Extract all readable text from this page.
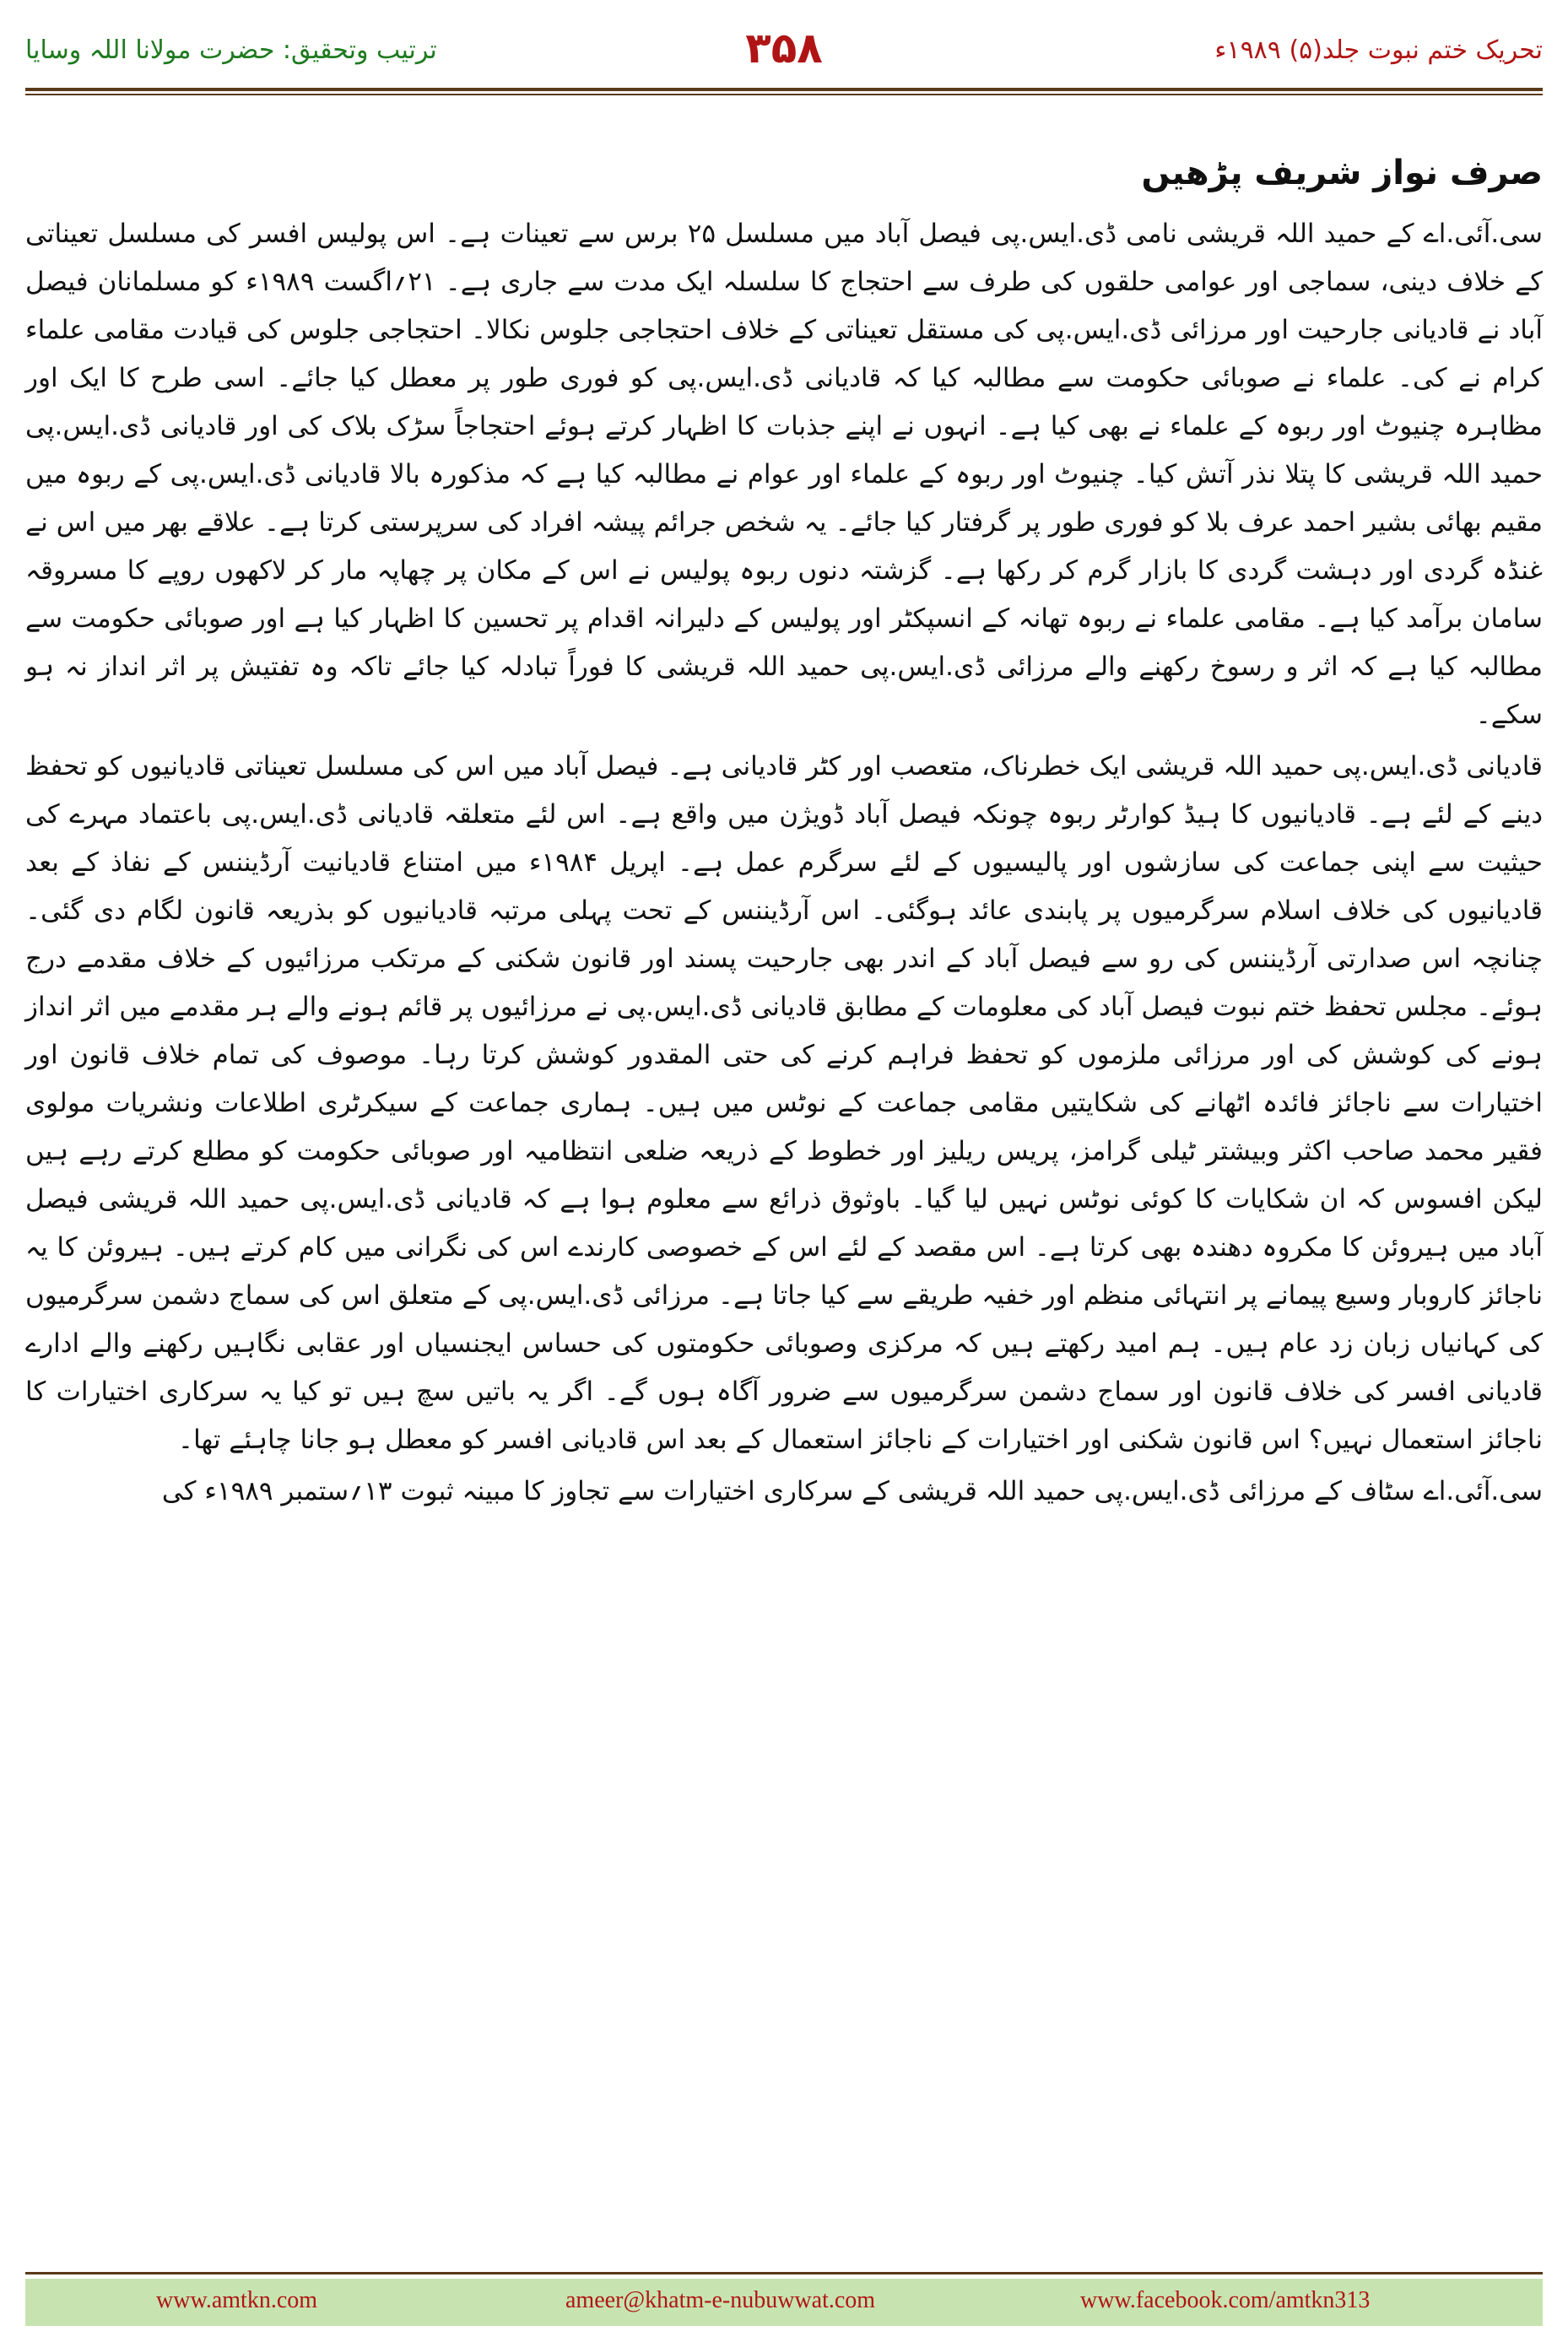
ترتیب وتحقیق: حضرت مولانا اللہ وسایا	۳۵۸	تحریک ختم نبوت جلد(۵) ۱۹۸۹ء
صرف نواز شریف پڑھیں

سی.آئی.اے کے حمید اللہ قریشی نامی ڈی.ایس.پی فیصل آباد میں مسلسل ۲۵ برس سے تعینات ہے۔ اس پولیس افسر کی مسلسل تعیناتی کے خلاف دینی، سماجی اور عوامی حلقوں کی طرف سے احتجاج کا سلسلہ ایک مدت سے جاری ہے۔ ۲۱؍اگست ۱۹۸۹ء کو مسلمانان فیصل آباد نے قادیانی جارحیت اور مرزائی ڈی.ایس.پی کی مستقل تعیناتی کے خلاف احتجاجی جلوس نکالا۔ احتجاجی جلوس کی قیادت مقامی علماء کرام نے کی۔ علماء نے صوبائی حکومت سے مطالبہ کیا کہ قادیانی ڈی.ایس.پی کو فوری طور پر معطل کیا جائے۔ اسی طرح کا ایک اور مظاہرہ چنیوٹ اور ربوہ کے علماء نے بھی کیا ہے۔ انہوں نے اپنے جذبات کا اظہار کرتے ہوئے احتجاجاً سڑک بلاک کی اور قادیانی ڈی.ایس.پی حمید اللہ قریشی کا پتلا نذر آتش کیا۔ چنیوٹ اور ربوہ کے علماء اور عوام نے مطالبہ کیا ہے کہ مذکورہ بالا قادیانی ڈی.ایس.پی کے ربوہ میں مقیم بھائی بشیر احمد عرف بلا کو فوری طور پر گرفتار کیا جائے۔ یہ شخص جرائم پیشہ افراد کی سرپرستی کرتا ہے۔ علاقے بھر میں اس نے غنڈہ گردی اور دہشت گردی کا بازار گرم کر رکھا ہے۔ گزشتہ دنوں ربوہ پولیس نے اس کے مکان پر چھاپہ مار کر لاکھوں روپے کا مسروقہ سامان برآمد کیا ہے۔ مقامی علماء نے ربوہ تھانہ کے انسپکٹر اور پولیس کے دلیرانہ اقدام پر تحسین کا اظہار کیا ہے اور صوبائی حکومت سے مطالبہ کیا ہے کہ اثر و رسوخ رکھنے والے مرزائی ڈی.ایس.پی حمید اللہ قریشی کا فوراً تبادلہ کیا جائے تاکہ وہ تفتیش پر اثر انداز نہ ہو سکے۔

قادیانی ڈی.ایس.پی حمید اللہ قریشی ایک خطرناک، متعصب اور کٹر قادیانی ہے۔ فیصل آباد میں اس کی مسلسل تعیناتی قادیانیوں کو تحفظ دینے کے لئے ہے۔ قادیانیوں کا ہیڈ کوارٹر ربوہ چونکہ فیصل آباد ڈویژن میں واقع ہے۔ اس لئے متعلقہ قادیانی ڈی.ایس.پی باعتماد مہرے کی حیثیت سے اپنی جماعت کی سازشوں اور پالیسیوں کے لئے سرگرم عمل ہے۔ اپریل ۱۹۸۴ء میں امتناع قادیانیت آرڈیننس کے نفاذ کے بعد قادیانیوں کی خلاف اسلام سرگرمیوں پر پابندی عائد ہوگئی۔ اس آرڈیننس کے تحت پہلی مرتبہ قادیانیوں کو بذریعہ قانون لگام دی گئی۔ چنانچہ اس صدارتی آرڈیننس کی رو سے فیصل آباد کے اندر بھی جارحیت پسند اور قانون شکنی کے مرتکب مرزائیوں کے خلاف مقدمے درج ہوئے۔ مجلس تحفظ ختم نبوت فیصل آباد کی معلومات کے مطابق قادیانی ڈی.ایس.پی نے مرزائیوں پر قائم ہونے والے ہر مقدمے میں اثر انداز ہونے کی کوشش کی اور مرزائی ملزموں کو تحفظ فراہم کرنے کی حتی المقدور کوشش کرتا رہا۔ موصوف کی تمام خلاف قانون اور اختیارات سے ناجائز فائدہ اٹھانے کی شکایتیں مقامی جماعت کے نوٹس میں ہیں۔ ہماری جماعت کے سیکرٹری اطلاعات ونشریات مولوی فقیر محمد صاحب اکثر وبیشتر ٹیلی گرامز، پریس ریلیز اور خطوط کے ذریعہ ضلعی انتظامیہ اور صوبائی حکومت کو مطلع کرتے رہے ہیں لیکن افسوس کہ ان شکایات کا کوئی نوٹس نہیں لیا گیا۔ باوثوق ذرائع سے معلوم ہوا ہے کہ قادیانی ڈی.ایس.پی حمید اللہ قریشی فیصل آباد میں ہیروئن کا مکروہ دھندہ بھی کرتا ہے۔ اس مقصد کے لئے اس کے خصوصی کارندے اس کی نگرانی میں کام کرتے ہیں۔ ہیروئن کا یہ ناجائز کاروبار وسیع پیمانے پر انتہائی منظم اور خفیہ طریقے سے کیا جاتا ہے۔ مرزائی ڈی.ایس.پی کے متعلق اس کی سماج دشمن سرگرمیوں کی کہانیاں زبان زد عام ہیں۔ ہم امید رکھتے ہیں کہ مرکزی وصوبائی حکومتوں کی حساس ایجنسیاں اور عقابی نگاہیں رکھنے والے ادارے قادیانی افسر کی خلاف قانون اور سماج دشمن سرگرمیوں سے ضرور آگاہ ہوں گے۔ اگر یہ باتیں سچ ہیں تو کیا یہ سرکاری اختیارات کا ناجائز استعمال نہیں؟ اس قانون شکنی اور اختیارات کے ناجائز استعمال کے بعد اس قادیانی افسر کو معطل ہو جانا چاہئے تھا۔

سی.آئی.اے سٹاف کے مرزائی ڈی.ایس.پی حمید اللہ قریشی کے سرکاری اختیارات سے تجاوز کا مبینہ ثبوت ۱۳؍ستمبر ۱۹۸۹ء کی

www.amtkn.com	ameer@khatm-e-nubuwwat.com	www.facebook.com/amtkn313
